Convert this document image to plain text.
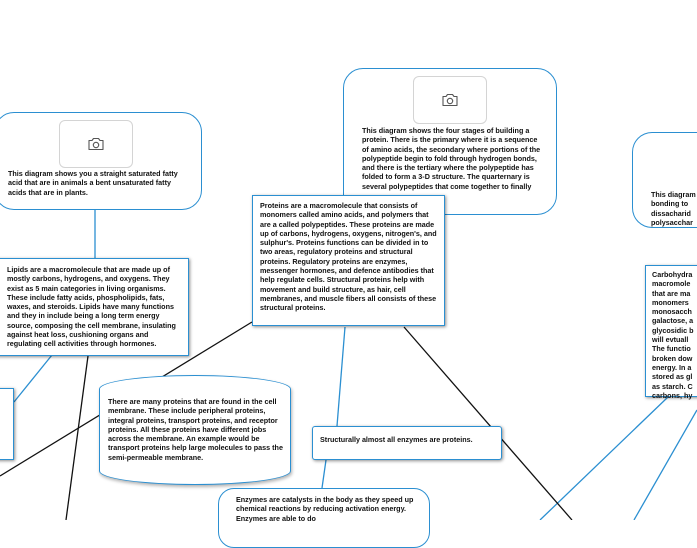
This diagram shows you a straight saturated fatty acid that are in animals a bent unsaturated fatty acids that are in plants.
This diagram shows the four stages of building a protein. There is the primary where it is a sequence of amino acids, the secondary where portions of the polypeptide begin to fold through hydrogen bonds, and there is the tertiary where the polypeptide has folded to form a 3-D structure. The quarternary is several polypeptides that come together to finally
This diagram
bonding to
dissacharid
polysacchar
Lipids are a macromolecule that are made up of mostly carbons, hydrogens, and oxygens. They exist as 5 main categories in living organisms. These include fatty acids, phospholipids, fats, waxes, and steroids. Lipids have many functions and they in include being a long term energy source, composing the cell membrane, insulating against heat loss, cushioning organs and regulating cell activities through hormones.
Proteins are a macromolecule that consists of monomers called amino acids, and polymers that are a called polypeptides. These proteins are made up of carbons, hydrogens, oxygens, nitrogen's, and sulphur's. Proteins functions can be divided in to two areas, regulatory proteins and structural proteins. Regulatory proteins are enzymes, messenger hormones, and defence antibodies that help regulate cells. Structural proteins help with movement and build structure, as hair, cell membranes, and muscle fibers all consists of these structural proteins.
Carbohydra
macromole
that are ma
monomers
monosacch
galactose, a
glycosidic b
will evtuall
The functio
broken dow
energy. In a
stored as gl
as starch. C
carbons, hy
There are many proteins that are found in the cell membrane. These include peripheral proteins, integral proteins, transport proteins, and receptor proteins. All these proteins have different jobs across the membrane. An example would be transport proteins help large molecules to pass the semi-permeable membrane.
Structurally almost all enzymes are proteins.
Enzymes are catalysts in the body as they speed up chemical reactions by reducing activation energy. Enzymes are able to do
